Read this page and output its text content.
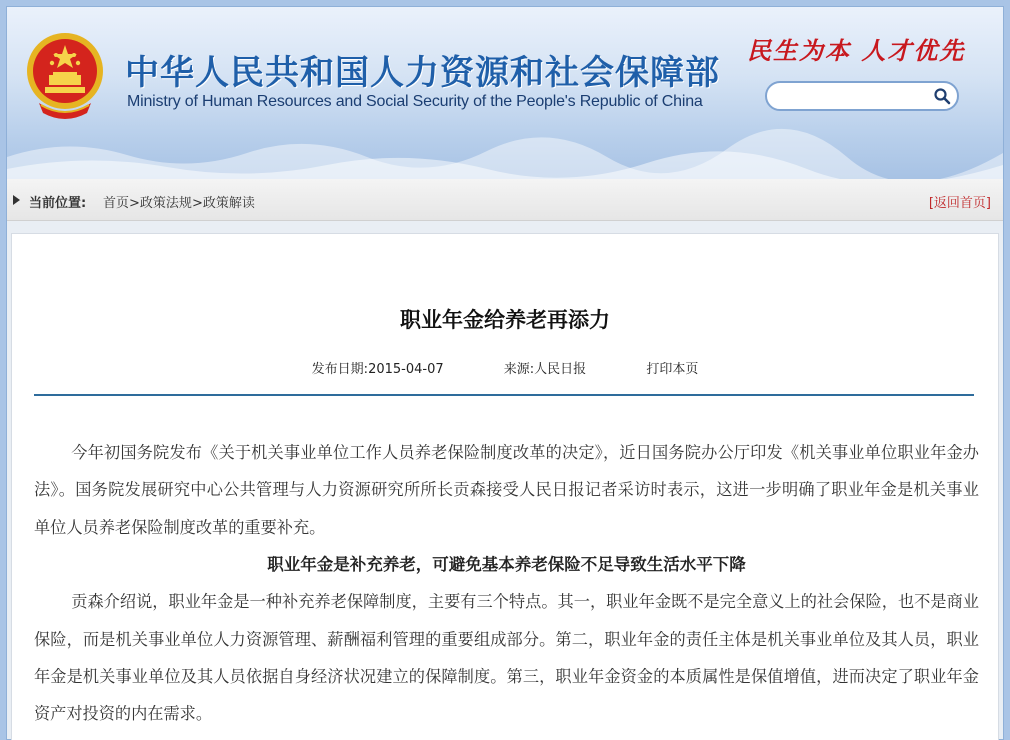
中华人民共和国人力资源和社会保障部
Ministry of Human Resources and Social Security of the People's Republic of China
民生为本 人才优先
当前位置: 首页>政策法规>政策解读	[返回首页]
职业年金给养老再添力
发布日期:2015-04-07	来源:人民日报	打印本页

今年初国务院发布《关于机关事业单位工作人员养老保险制度改革的决定》，近日国务院办公厅印发《机关事业单位职业年金办法》。国务院发展研究中心公共管理与人力资源研究所所长贡森接受人民日报记者采访时表示，这进一步明确了职业年金是机关事业单位人员养老保险制度改革的重要补充。

职业年金是补充养老，可避免基本养老保险不足导致生活水平下降

贡森介绍说，职业年金是一种补充养老保障制度，主要有三个特点。其一，职业年金既不是完全意义上的社会保险，也不是商业保险，而是机关事业单位人力资源管理、薪酬福利管理的重要组成部分。第二，职业年金的责任主体是机关事业单位及其人员，职业年金是机关事业单位及其人员依据自身经济状况建立的保障制度。第三，职业年金资金的本质属性是保值增值，进而决定了职业年金资产对投资的内在需求。
